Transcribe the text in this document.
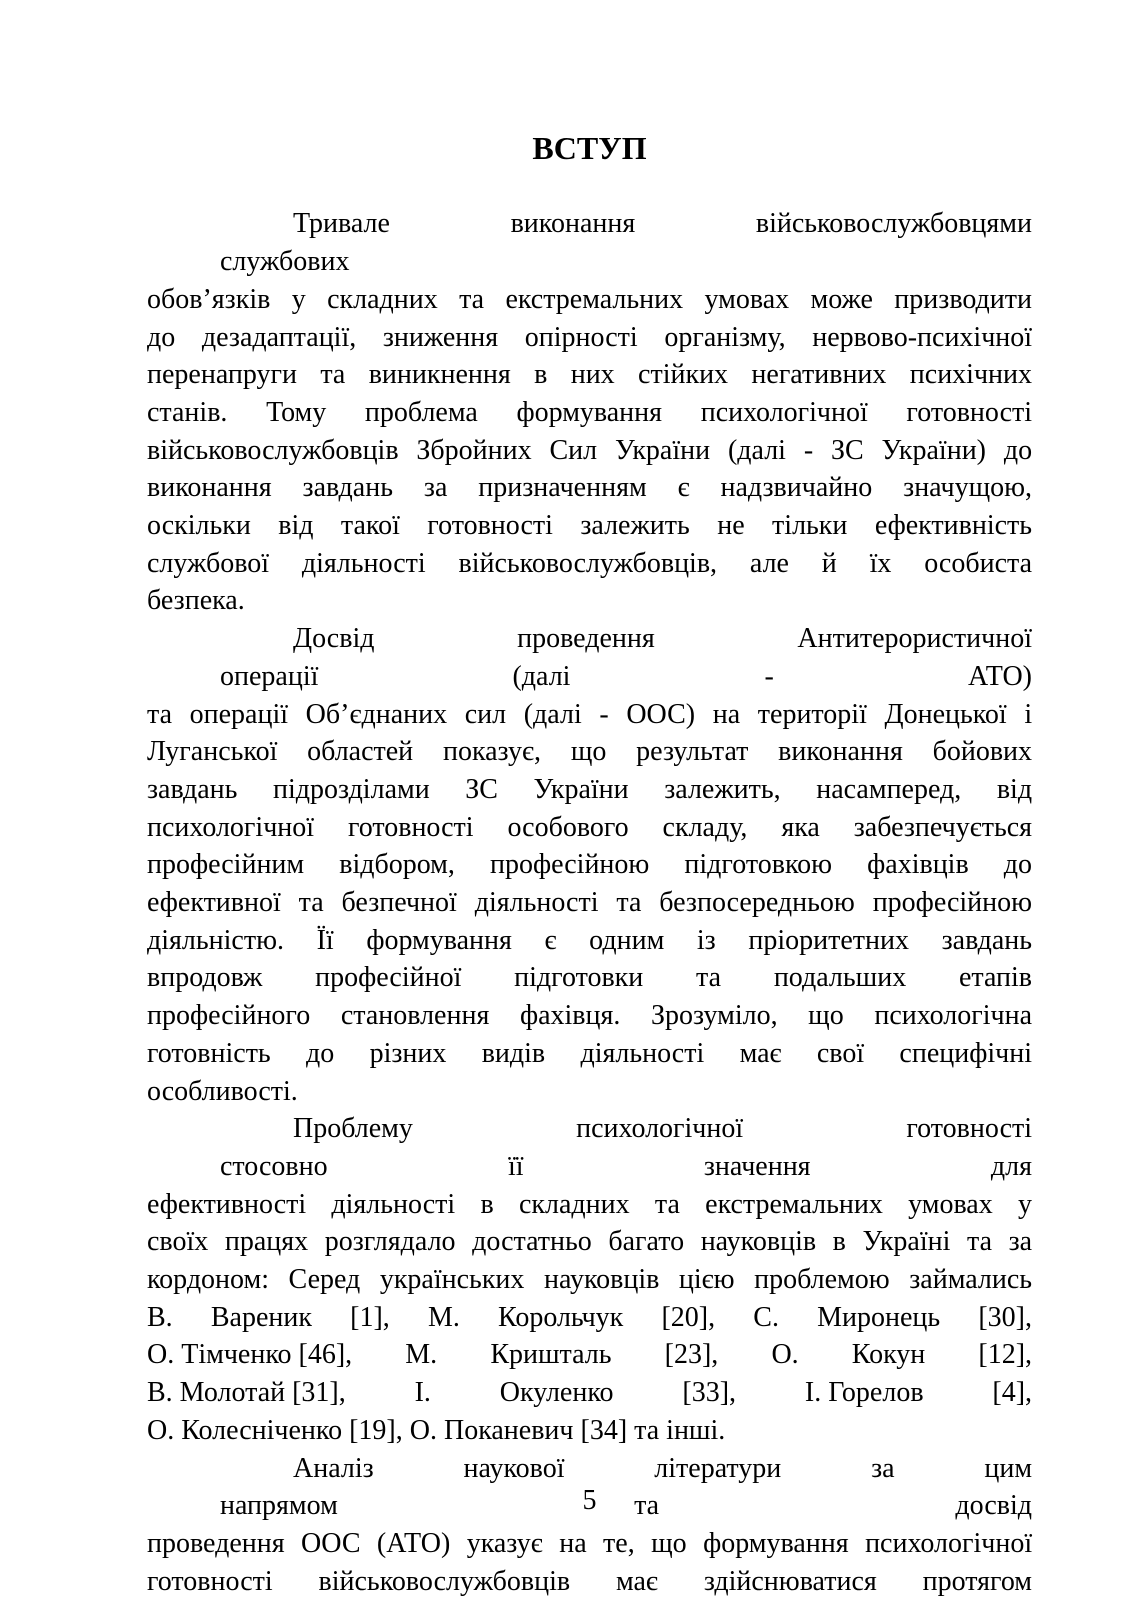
ВСТУП
Тривале	виконання	військовослужбовцями службових
обов’язків у складних та екстремальних умовах може призводити
до дезадаптації, зниження опірності організму, нервово-психічної
перенапруги та виникнення в них стійких негативних психічних
станів. Тому проблема формування психологічної готовності
військовослужбовців Збройних Сил України (далі - ЗС України) до
виконання завдань за призначенням є надзвичайно значущою,
оскільки від такої готовності залежить не тільки ефективність
службової діяльності військовослужбовців, але й їх особиста
безпека.
Досвід	проведення	Антитерористичної операції	(далі	-	АТО)
та операції Об’єднаних сил (далі - ООС) на території Донецької і
Луганської областей показує, що результат виконання бойових
завдань підрозділами ЗС України залежить, насамперед, від
психологічної готовності особового складу, яка забезпечується
професійним відбором, професійною підготовкою фахівців до
ефективної та безпечної діяльності та безпосередньою професійною
діяльністю. Її формування є одним із пріоритетних завдань
впродовж професійної підготовки та подальших етапів
професійного становлення фахівця. Зрозуміло, що психологічна
готовність до різних видів діяльності має свої специфічні
особливості.
Проблему	психологічної	готовності стосовно	її	значення	для
ефективності діяльності в складних та екстремальних умовах у
своїх працях розглядало достатньо багато науковців в Україні та за
кордоном: Серед українських науковців цією проблемою займались
В. Вареник [1], М. Корольчук [20], С. Миронець [30],
О. Тімченко [46], М. Кришталь [23], О. Кокун [12],
В. Молотай [31], І. Окуленко [33], І. Горелов [4],
О. Колесніченко [19], О. Поканевич [34] та інші.
Аналіз	наукової	літератури	за	цим напрямом	та	досвід
проведення ООС (АТО) указує на те, що формування психологічної
готовності військовослужбовців має здійснюватися протягом
5
